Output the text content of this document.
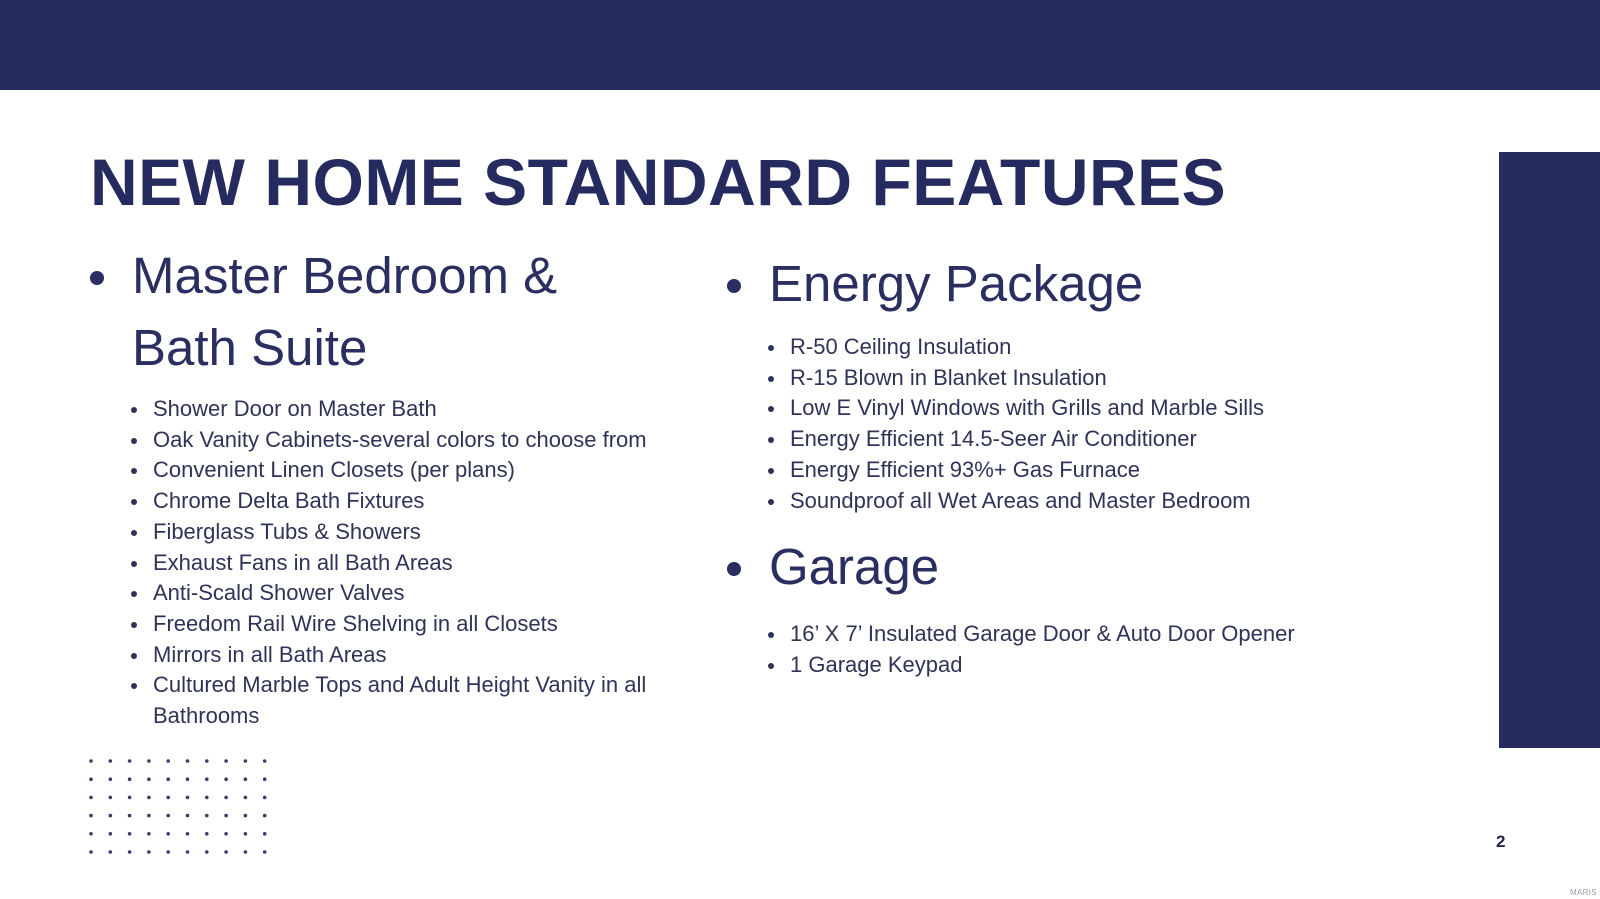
NEW HOME STANDARD FEATURES
Master Bedroom &
Bath Suite
Shower Door on Master Bath
Oak Vanity Cabinets-several colors to choose from
Convenient Linen Closets (per plans)
Chrome Delta Bath Fixtures
Fiberglass Tubs & Showers
Exhaust Fans in all Bath Areas
Anti-Scald Shower Valves
Freedom Rail Wire Shelving in all Closets
Mirrors in all Bath Areas
Cultured Marble Tops and Adult Height Vanity in all Bathrooms
Energy Package
R-50 Ceiling Insulation
R-15 Blown in Blanket Insulation
Low E Vinyl Windows with Grills and Marble Sills
Energy Efficient 14.5-Seer Air Conditioner
Energy Efficient 93%+ Gas Furnace
Soundproof all Wet Areas and Master Bedroom
Garage
16’ X 7’ Insulated Garage Door & Auto Door Opener
1 Garage Keypad
2
MARIS
